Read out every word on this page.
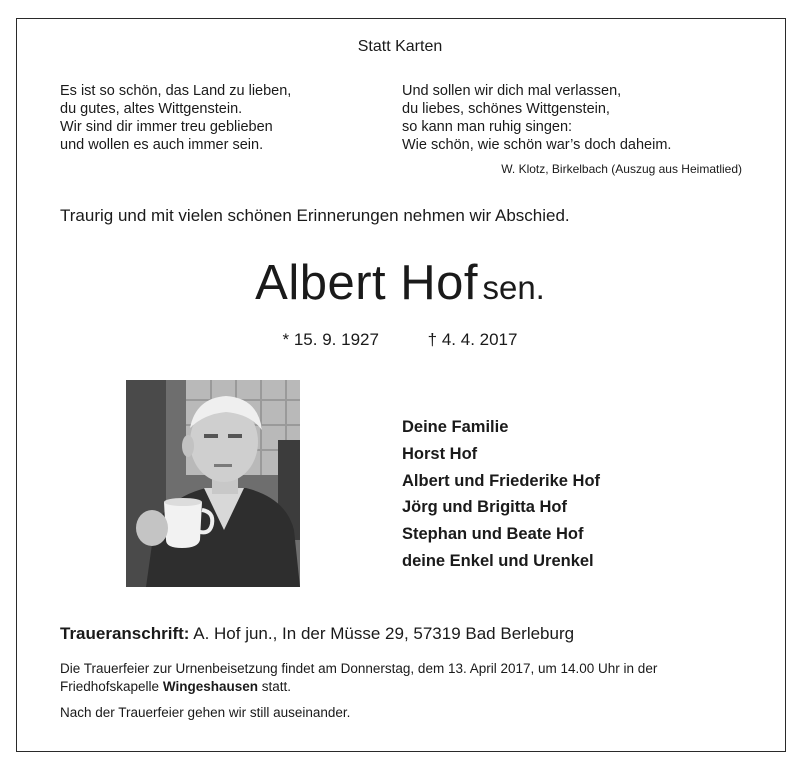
Statt Karten
Es ist so schön, das Land zu lieben,
du gutes, altes Wittgenstein.
Wir sind dir immer treu geblieben
und wollen es auch immer sein.
Und sollen wir dich mal verlassen,
du liebes, schönes Wittgenstein,
so kann man ruhig singen:
Wie schön, wie schön war’s doch daheim.
W. Klotz, Birkelbach (Auszug aus Heimatlied)
Traurig und mit vielen schönen Erinnerungen nehmen wir Abschied.
Albert Hof sen.
* 15. 9. 1927	† 4. 4. 2017
Deine Familie
Horst Hof
Albert und Friederike Hof
Jörg und Brigitta Hof
Stephan und Beate Hof
deine Enkel und Urenkel
Traueranschrift: A. Hof jun., In der Müsse 29, 57319 Bad Berleburg
Die Trauerfeier zur Urnenbeisetzung findet am Donnerstag, dem 13. April 2017, um 14.00 Uhr in der
Friedhofskapelle Wingeshausen statt.
Nach der Trauerfeier gehen wir still auseinander.
